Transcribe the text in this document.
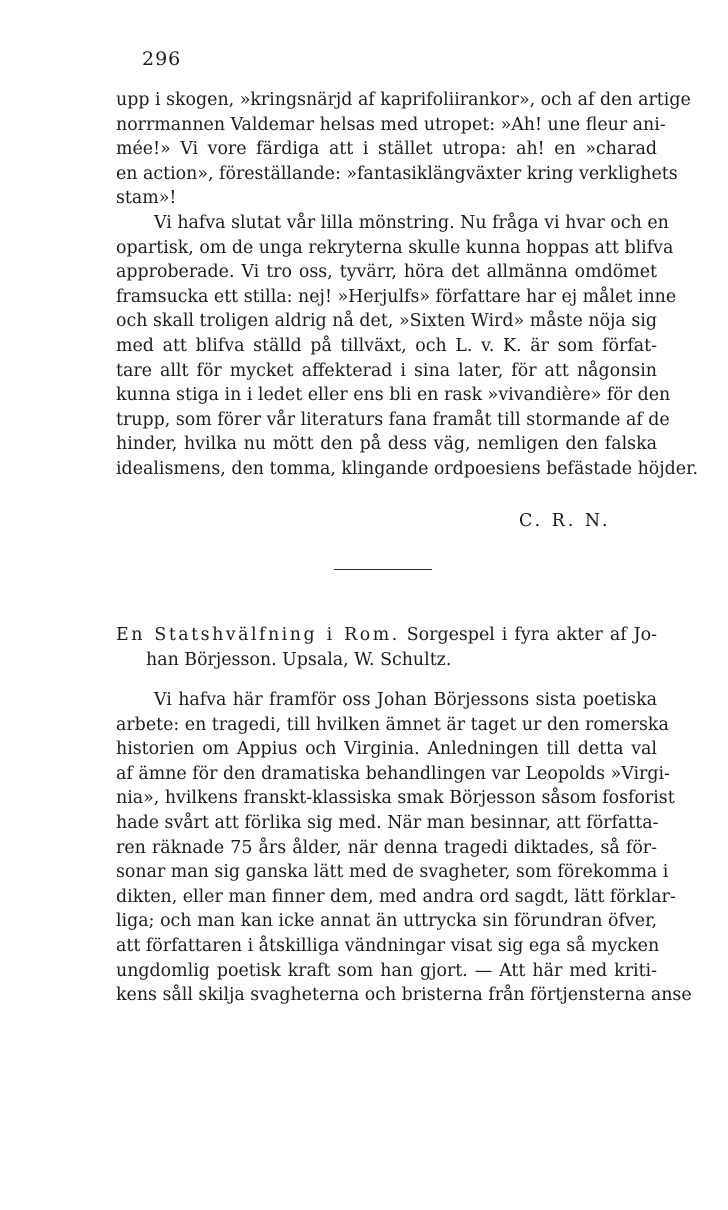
296
upp i skogen, »kringsnärjd af kaprifoliirankor», och af den artige
norrmannen Valdemar helsas med utropet: »Ah! une fleur ani-
mée!» Vi vore färdiga att i stället utropa: ah! en »charad
en action», föreställande: »fantasiklängväxter kring verklighets
stam»!
Vi hafva slutat vår lilla mönstring. Nu fråga vi hvar och en
opartisk, om de unga rekryterna skulle kunna hoppas att blifva
approberade. Vi tro oss, tyvärr, höra det allmänna omdömet
framsucka ett stilla: nej! »Herjulfs» författare har ej målet inne
och skall troligen aldrig nå det, »Sixten Wird» måste nöja sig
med att blifva ställd på tillväxt, och L. v. K. är som förfat-
tare allt för mycket affekterad i sina later, för att någonsin
kunna stiga in i ledet eller ens bli en rask »vivandière» för den
trupp, som förer vår literaturs fana framåt till stormande af de
hinder, hvilka nu mött den på dess väg, nemligen den falska
idealismens, den tomma, klingande ordpoesiens befästade höjder.
C. R. N.
En Statshvälfning i Rom. Sorgespel i fyra akter af Jo-
han Börjesson. Upsala, W. Schultz.
Vi hafva här framför oss Johan Börjessons sista poetiska
arbete: en tragedi, till hvilken ämnet är taget ur den romerska
historien om Appius och Virginia. Anledningen till detta val
af ämne för den dramatiska behandlingen var Leopolds »Virgi-
nia», hvilkens franskt-klassiska smak Börjesson såsom fosforist
hade svårt att förlika sig med. När man besinnar, att författa-
ren räknade 75 års ålder, när denna tragedi diktades, så för-
sonar man sig ganska lätt med de svagheter, som förekomma i
dikten, eller man finner dem, med andra ord sagdt, lätt förklar-
liga; och man kan icke annat än uttrycka sin förundran öfver,
att författaren i åtskilliga vändningar visat sig ega så mycken
ungdomlig poetisk kraft som han gjort. — Att här med kriti-
kens såll skilja svagheterna och bristerna från förtjensterna anse
